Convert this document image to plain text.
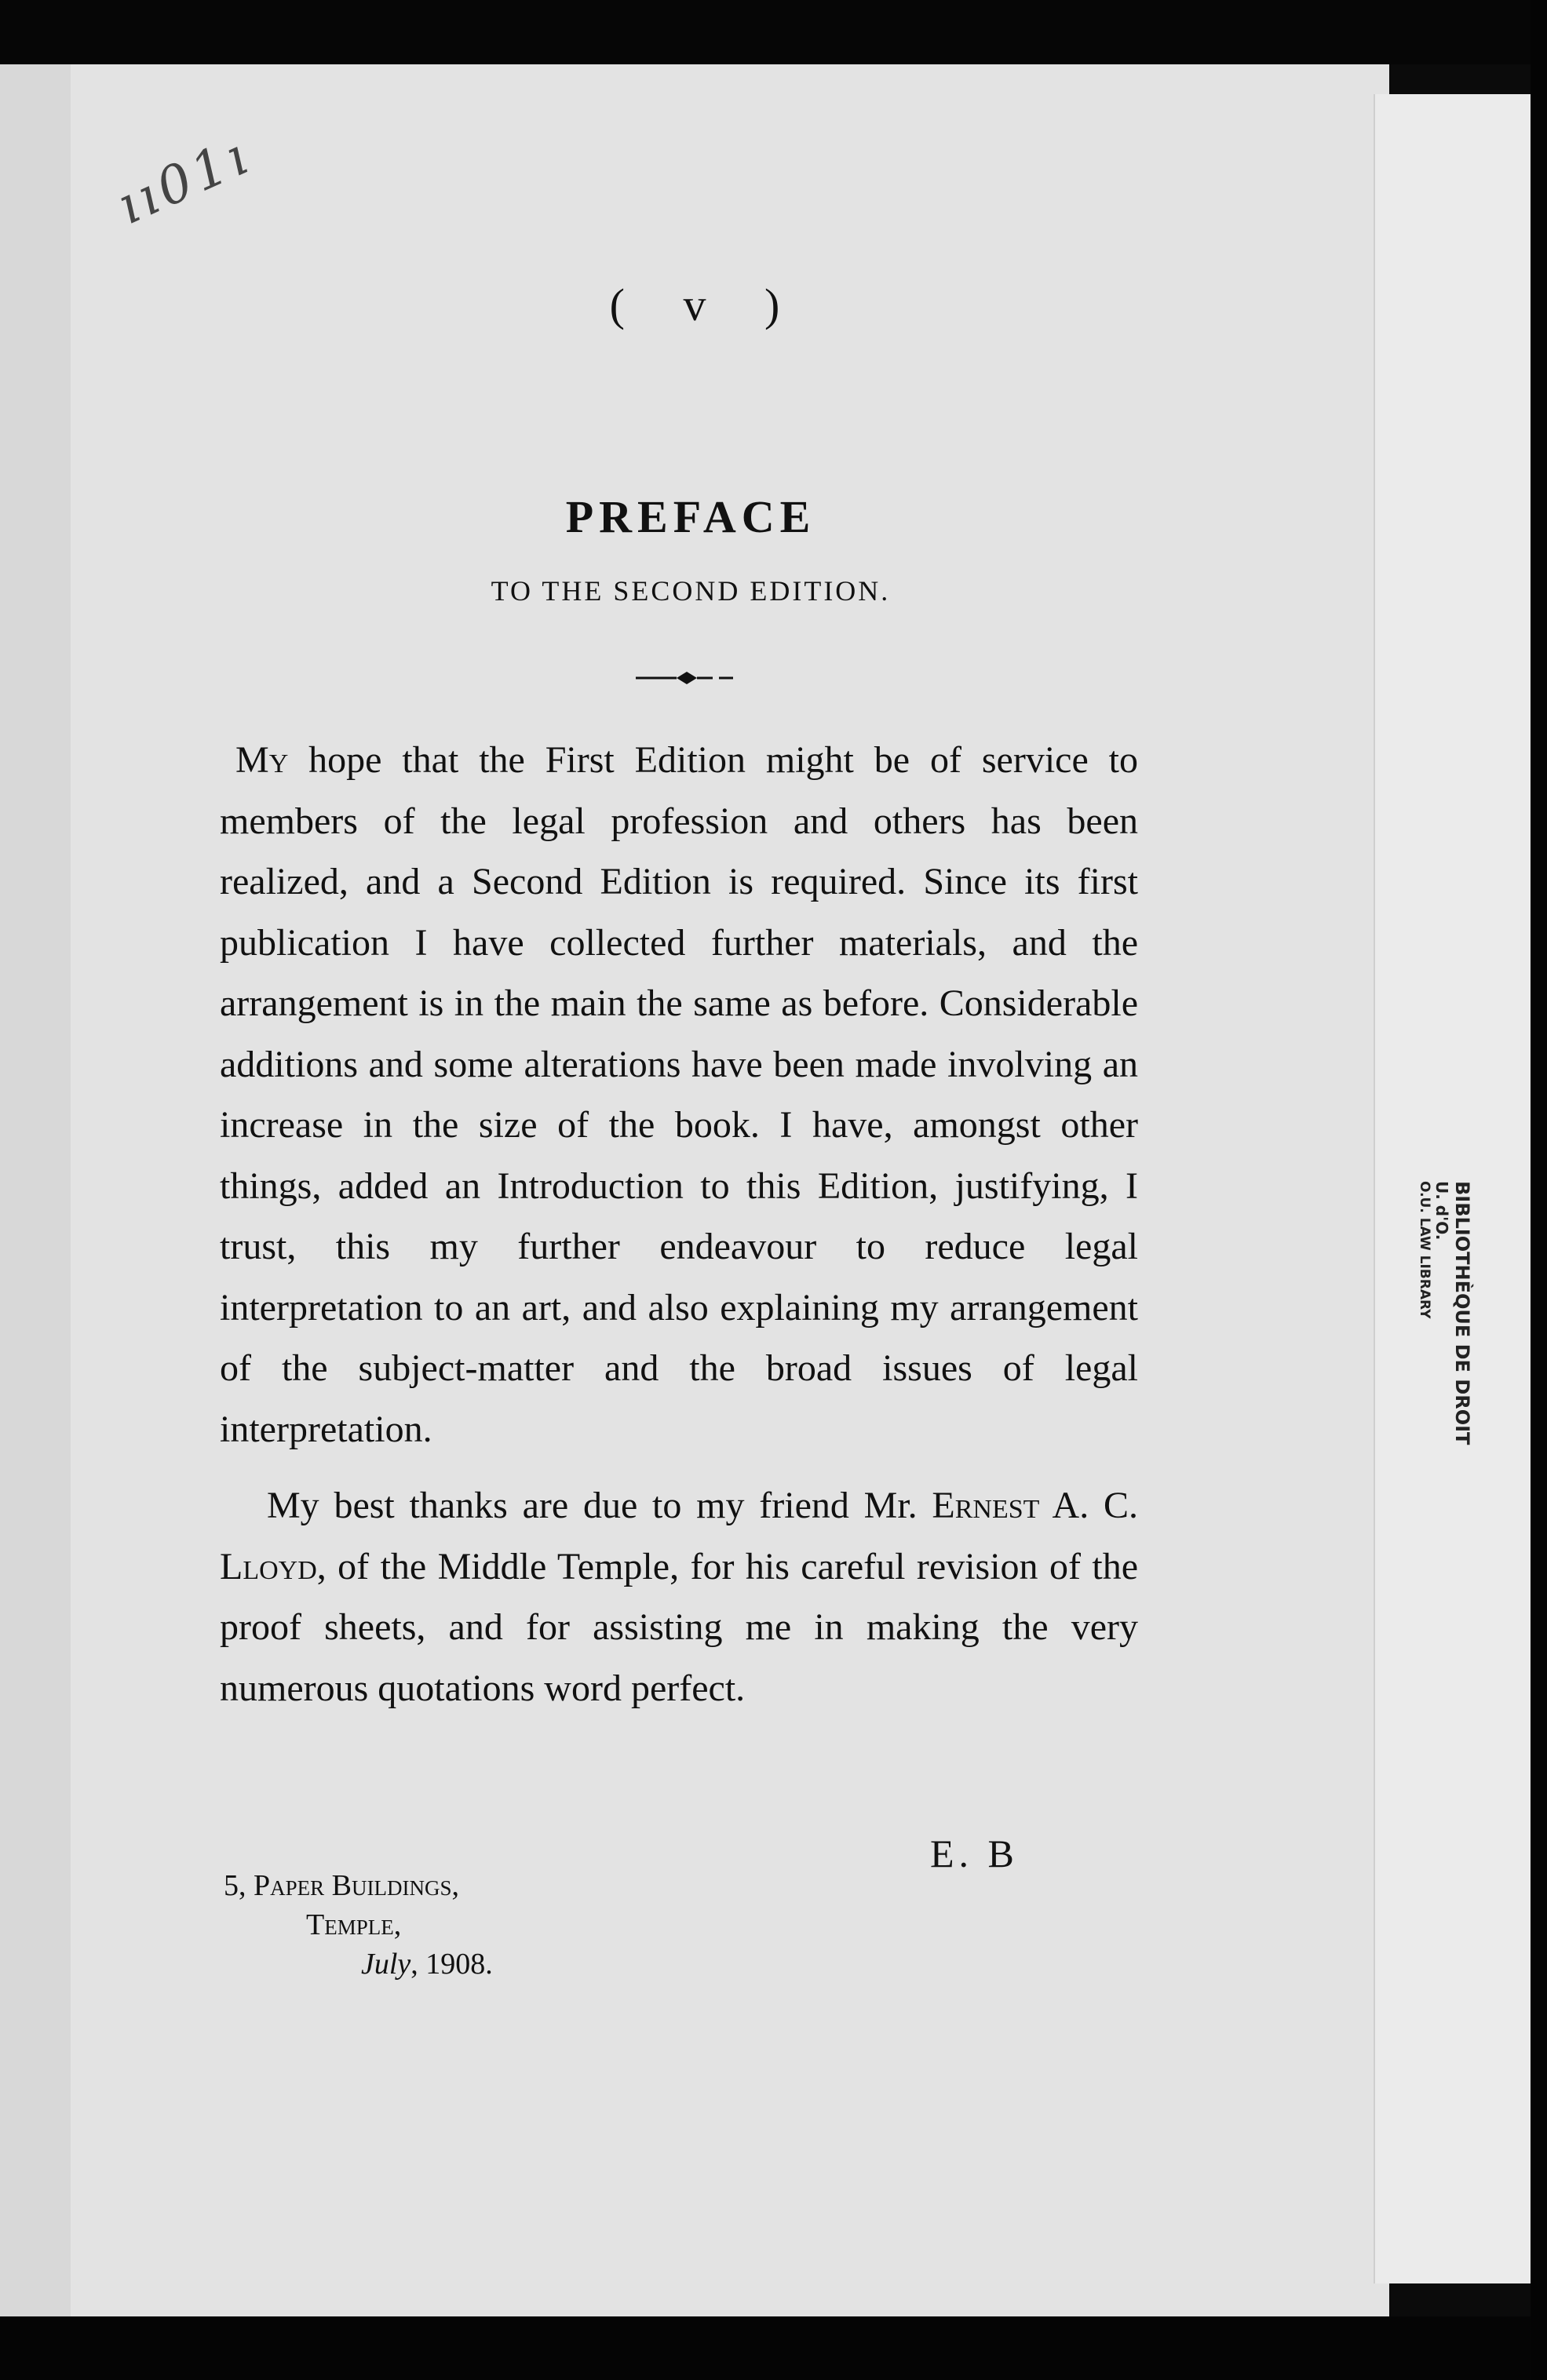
ıı01ı
( v )
PREFACE
TO THE SECOND EDITION.

My hope that the First Edition might be of service to members of the legal profession and others has been realized, and a Second Edition is required. Since its first publication I have collected further materials, and the arrangement is in the main the same as before. Considerable additions and some alterations have been made involving an increase in the size of the book. I have, amongst other things, added an Introduction to this Edition, justifying, I trust, this my further endeavour to reduce legal interpretation to an art, and also explaining my arrangement of the subject-matter and the broad issues of legal interpretation.

My best thanks are due to my friend Mr. Ernest A. C. Lloyd, of the Middle Temple, for his careful revision of the proof sheets, and for assisting me in making the very numerous quotations word perfect.

E. B
5, Paper Buildings,
Temple,
July, 1908.
BIBLIOTHÈQUE DE DROIT
U. d'O.
O.U. LAW LIBRARY
